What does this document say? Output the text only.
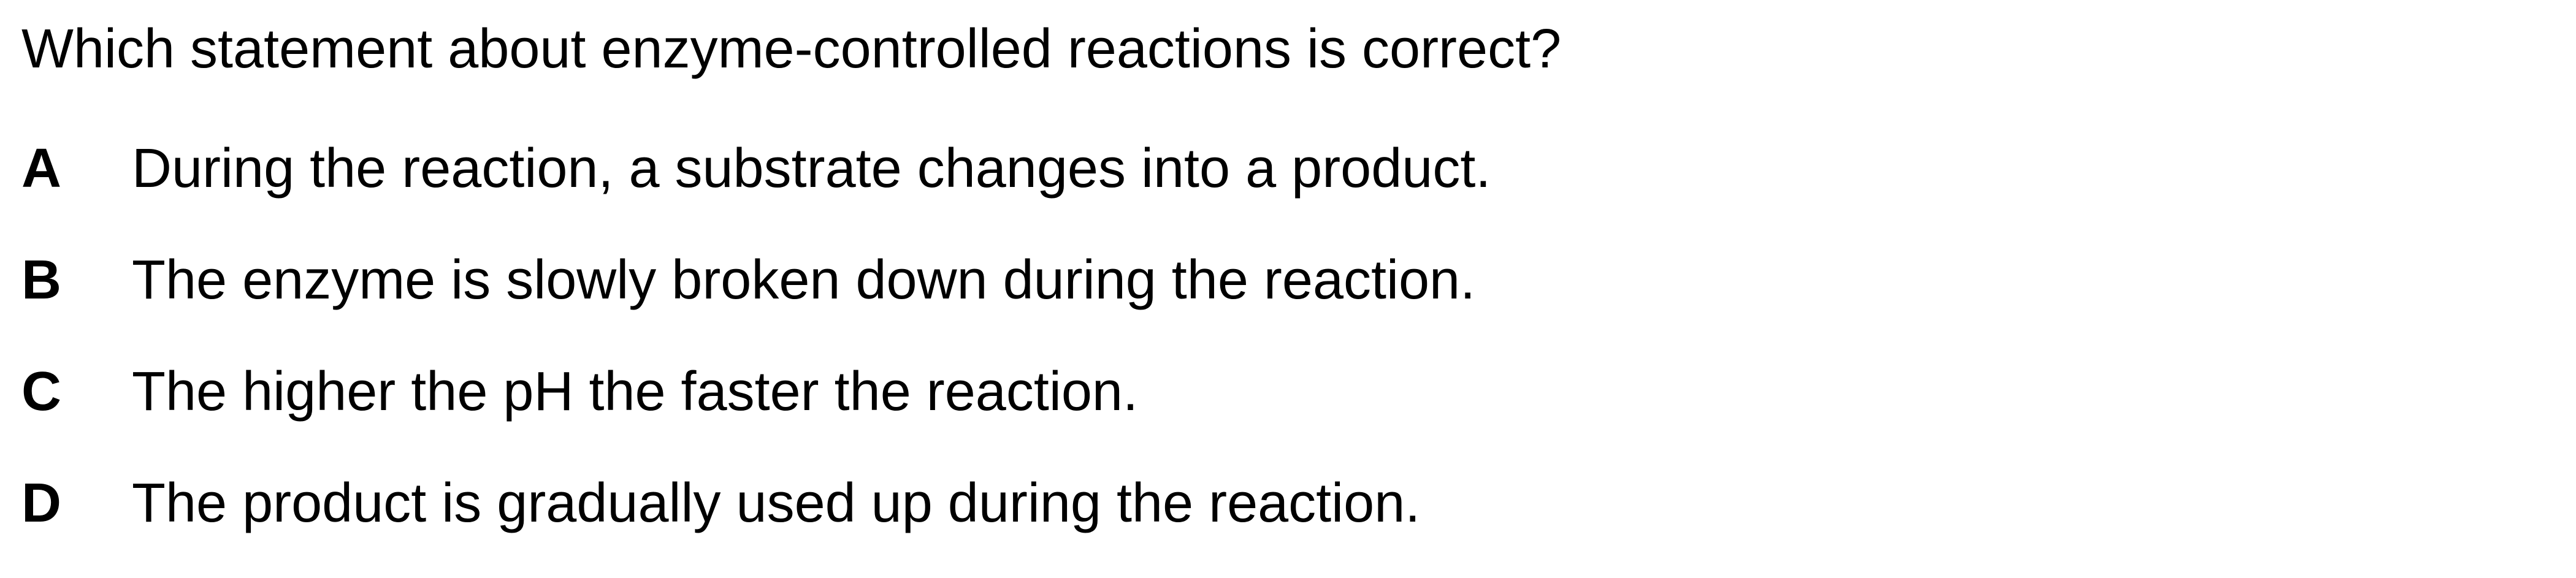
Which statement about enzyme-controlled reactions is correct?

A	During the reaction, a substrate changes into a product.
B	The enzyme is slowly broken down during the reaction.
C	The higher the pH the faster the reaction.
D	The product is gradually used up during the reaction.
